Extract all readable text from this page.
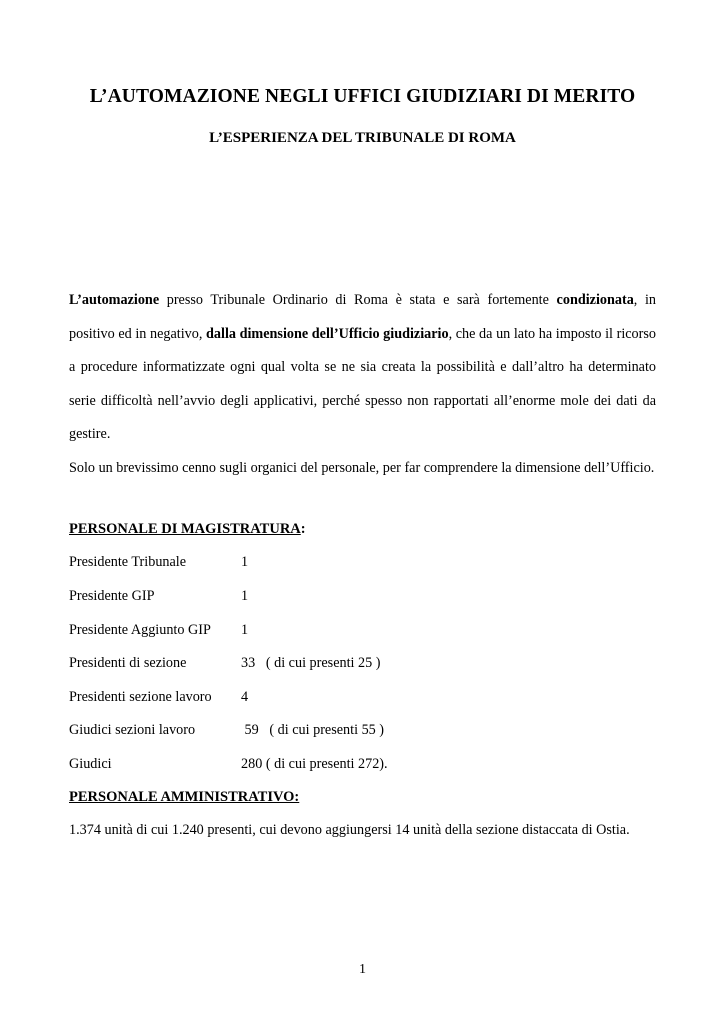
L’AUTOMAZIONE NEGLI UFFICI GIUDIZIARI DI MERITO
L’ESPERIENZA DEL TRIBUNALE DI ROMA

L’automazione presso Tribunale Ordinario di Roma è stata e sarà fortemente condizionata, in positivo ed in negativo, dalla dimensione dell’Ufficio giudiziario, che da un lato ha imposto il ricorso a procedure informatizzate ogni qual volta se ne sia creata la possibilità e dall’altro ha determinato serie difficoltà nell’avvio degli applicativi, perché spesso non rapportati all’enorme mole dei dati da gestire.

Solo un brevissimo cenno sugli organici del personale, per far comprendere la dimensione dell’Ufficio.

PERSONALE DI MAGISTRATURA:
Presidente Tribunale	1
Presidente GIP	1
Presidente Aggiunto GIP 1
Presidenti di sezione	33   ( di cui presenti 25 )
Presidenti sezione lavoro 4
Giudici sezioni lavoro	59   ( di cui presenti 55 )
Giudici	280 ( di cui presenti 272).
PERSONALE AMMINISTRATIVO:
1.374 unità di cui 1.240 presenti, cui devono aggiungersi 14 unità della sezione distaccata di Ostia.
1
